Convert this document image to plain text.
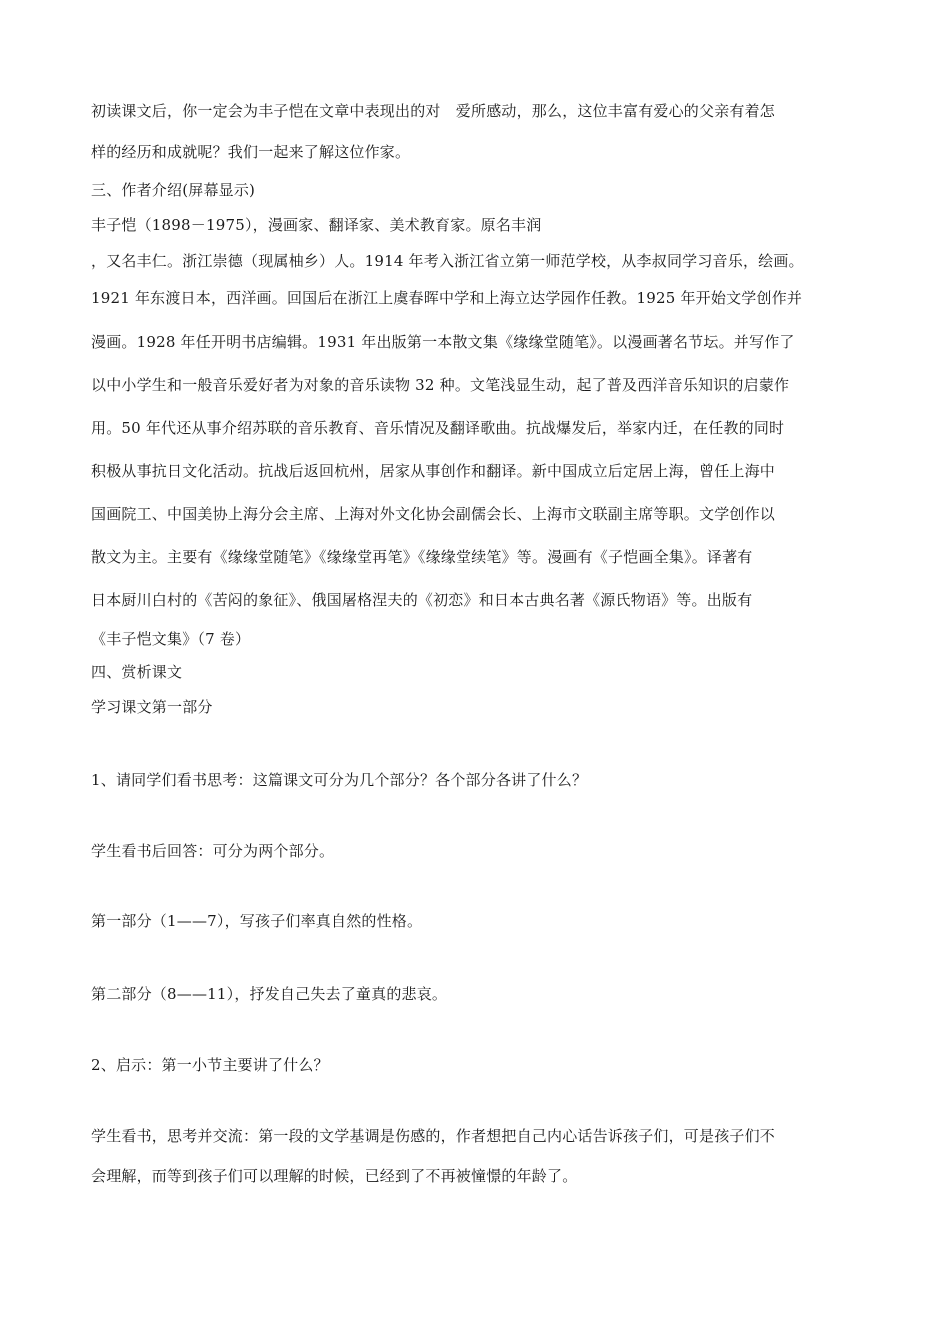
初读课文后，你一定会为丰子恺在文章中表现出的对　爱所感动，那么，这位丰富有爱心的父亲有着怎
样的经历和成就呢？我们一起来了解这位作家。
三、作者介绍(屏幕显示)
丰子恺（1898－1975），漫画家、翻译家、美术教育家。原名丰润
，又名丰仁。浙江崇德（现属柚乡）人。1914 年考入浙江省立第一师范学校，从李叔同学习音乐，绘画。
1921 年东渡日本，西洋画。回国后在浙江上虞春晖中学和上海立达学园作任教。1925 年开始文学创作并
漫画。1928 年任开明书店编辑。1931 年出版第一本散文集《缘缘堂随笔》。以漫画著名节坛。并写作了
以中小学生和一般音乐爱好者为对象的音乐读物 32 种。文笔浅显生动，起了普及西洋音乐知识的启蒙作
用。50 年代还从事介绍苏联的音乐教育、音乐情况及翻译歌曲。抗战爆发后，举家内迁，在任教的同时
积极从事抗日文化活动。抗战后返回杭州，居家从事创作和翻译。新中国成立后定居上海，曾任上海中
国画院工、中国美协上海分会主席、上海对外文化协会副儒会长、上海市文联副主席等职。文学创作以
散文为主。主要有《缘缘堂随笔》《缘缘堂再笔》《缘缘堂续笔》等。漫画有《子恺画全集》。译著有
日本厨川白村的《苦闷的象征》、俄国屠格涅夫的《初恋》和日本古典名著《源氏物语》等。出版有
《丰子恺文集》（7 卷）
四、赏析课文
学习课文第一部分
1、请同学们看书思考：这篇课文可分为几个部分？各个部分各讲了什么？
学生看书后回答：可分为两个部分。
第一部分（1——7），写孩子们率真自然的性格。
第二部分（8——11），抒发自己失去了童真的悲哀。
2、启示：第一小节主要讲了什么？
学生看书，思考并交流：第一段的文学基调是伤感的，作者想把自己内心话告诉孩子们，可是孩子们不
会理解，而等到孩子们可以理解的时候，已经到了不再被憧憬的年龄了。
